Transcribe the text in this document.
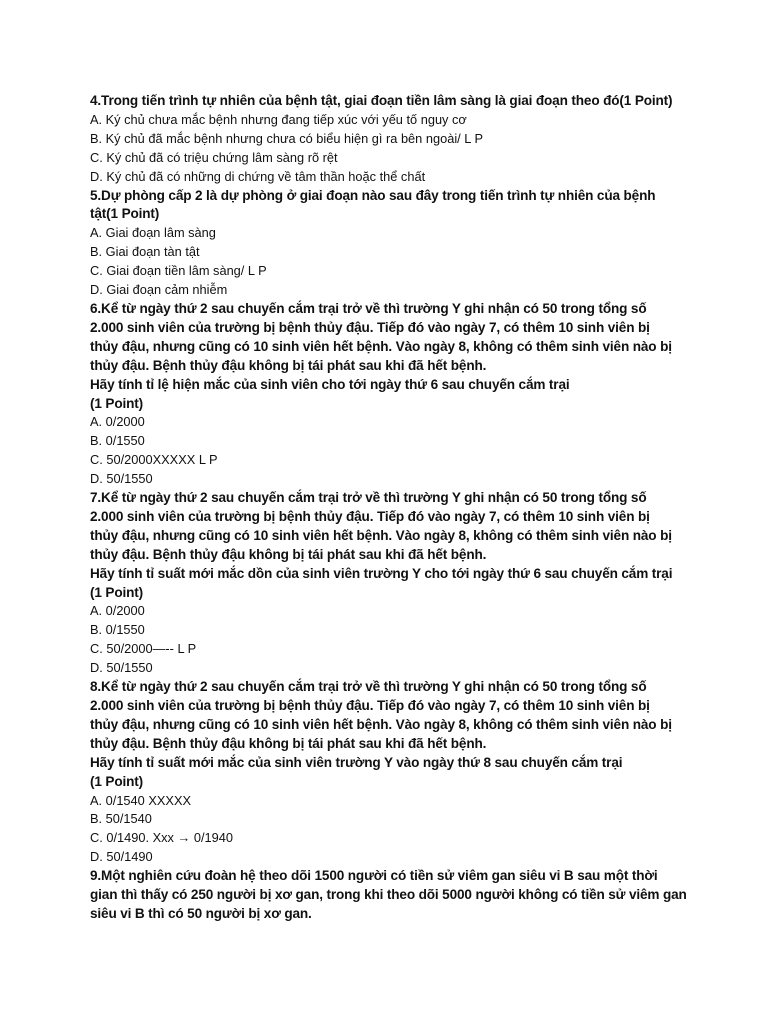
4.Trong tiến trình tự nhiên của bệnh tật, giai đoạn tiền lâm sàng là giai đoạn theo đó(1 Point)
A. Ký chủ chưa mắc bệnh nhưng đang tiếp xúc với yếu tố nguy cơ
B. Ký chủ đã mắc bệnh nhưng chưa có biểu hiện gì ra bên ngoài/ L P
C. Ký chủ đã có triệu chứng lâm sàng rõ rệt
D. Ký chủ đã có những di chứng về tâm thần hoặc thể chất
5.Dự phòng cấp 2 là dự phòng ở giai đoạn nào sau đây trong tiến trình tự nhiên của bệnh
tật(1 Point)
A. Giai đoạn lâm sàng
B. Giai đoạn tàn tật
C. Giai đoạn tiền lâm sàng/ L P
D. Giai đoạn cảm nhiễm
6.Kể từ ngày thứ 2 sau chuyến cắm trại trở về thì trường Y ghi nhận có 50 trong tổng số
2.000 sinh viên của trường bị bệnh thủy đậu. Tiếp đó vào ngày 7, có thêm 10 sinh viên bị
thủy đậu, nhưng cũng có 10 sinh viên hết bệnh. Vào ngày 8, không có thêm sinh viên nào bị
thủy đậu. Bệnh thủy đậu không bị tái phát sau khi đã hết bệnh.
Hãy tính tỉ lệ hiện mắc của sinh viên cho tới ngày thứ 6 sau chuyến cắm trại
(1 Point)
A. 0/2000
B. 0/1550
C. 50/2000XXXXX L P
D. 50/1550
7.Kể từ ngày thứ 2 sau chuyến cắm trại trở về thì trường Y ghi nhận có 50 trong tổng số
2.000 sinh viên của trường bị bệnh thủy đậu. Tiếp đó vào ngày 7, có thêm 10 sinh viên bị
thủy đậu, nhưng cũng có 10 sinh viên hết bệnh. Vào ngày 8, không có thêm sinh viên nào bị
thủy đậu. Bệnh thủy đậu không bị tái phát sau khi đã hết bệnh.
Hãy tính tỉ suất mới mắc dồn của sinh viên trường Y cho tới ngày thứ 6 sau chuyến cắm trại
(1 Point)
A. 0/2000
B. 0/1550
C. 50/2000—-- L P
D. 50/1550
8.Kể từ ngày thứ 2 sau chuyến cắm trại trở về thì trường Y ghi nhận có 50 trong tổng số
2.000 sinh viên của trường bị bệnh thủy đậu. Tiếp đó vào ngày 7, có thêm 10 sinh viên bị
thủy đậu, nhưng cũng có 10 sinh viên hết bệnh. Vào ngày 8, không có thêm sinh viên nào bị
thủy đậu. Bệnh thủy đậu không bị tái phát sau khi đã hết bệnh.
Hãy tính tỉ suất mới mắc của sinh viên trường Y vào ngày thứ 8 sau chuyến cắm trại
(1 Point)
A. 0/1540 XXXXX
B. 50/1540
C. 0/1490. Xxx → 0/1940
D. 50/1490
9.Một nghiên cứu đoàn hệ theo dõi 1500 người có tiền sử viêm gan siêu vi B sau một thời
gian thì thấy có 250 người bị xơ gan, trong khi theo dõi 5000 người không có tiền sử viêm gan
siêu vi B thì có 50 người bị xơ gan.
